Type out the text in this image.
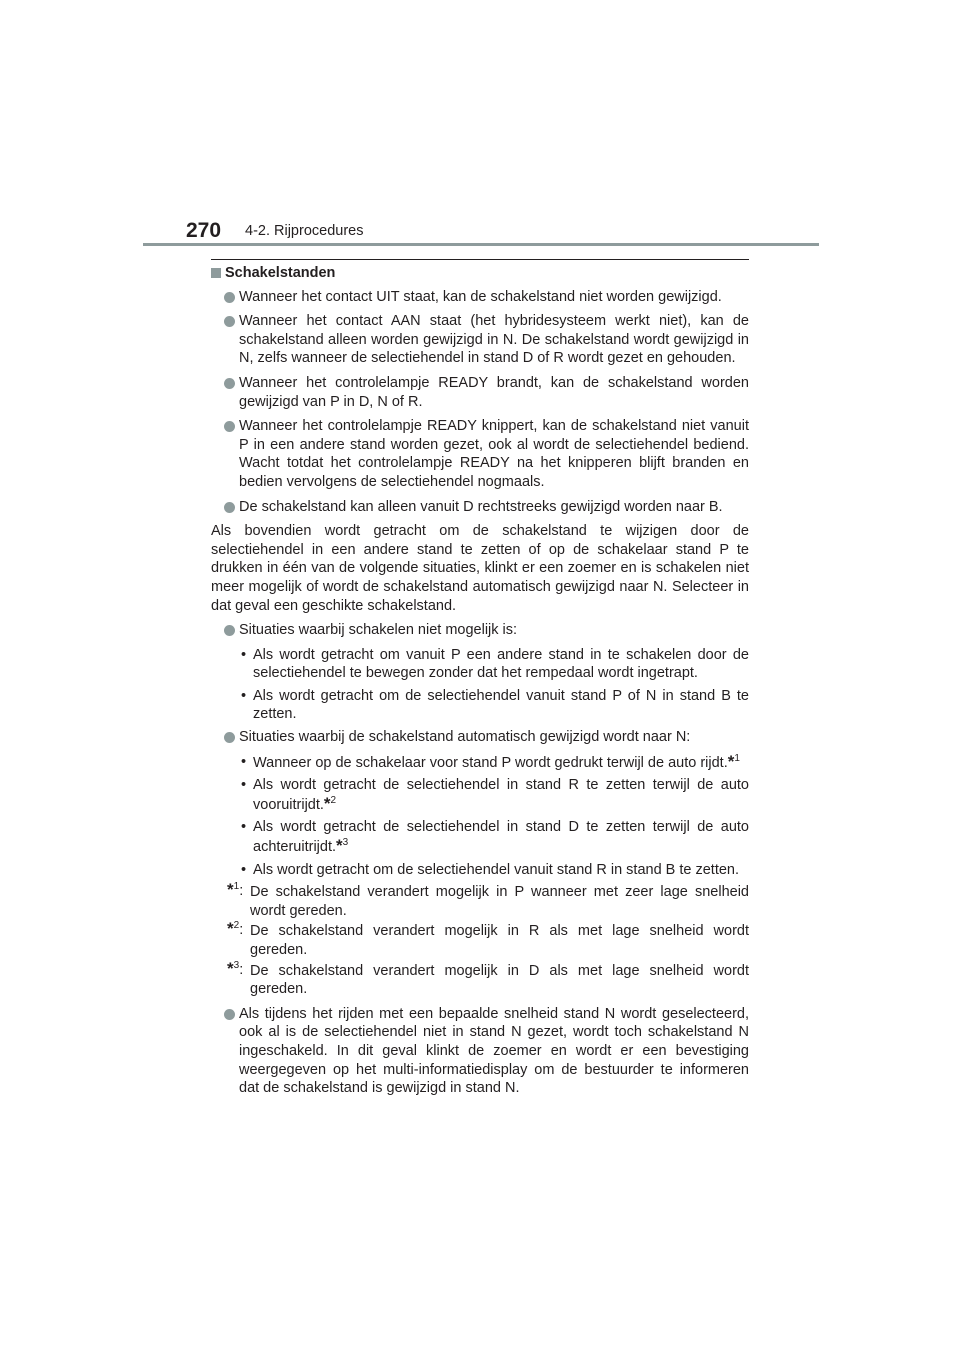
270 4-2. Rijprocedures
Schakelstanden
Wanneer het contact UIT staat, kan de schakelstand niet worden gewijzigd.
Wanneer het contact AAN staat (het hybridesysteem werkt niet), kan de schakelstand alleen worden gewijzigd in N. De schakelstand wordt gewijzigd in N, zelfs wanneer de selectiehendel in stand D of R wordt gezet en gehouden.
Wanneer het controlelampje READY brandt, kan de schakelstand worden gewijzigd van P in D, N of R.
Wanneer het controlelampje READY knippert, kan de schakelstand niet vanuit P in een andere stand worden gezet, ook al wordt de selectiehendel bediend. Wacht totdat het controlelampje READY na het knipperen blijft branden en bedien vervolgens de selectiehendel nogmaals.
De schakelstand kan alleen vanuit D rechtstreeks gewijzigd worden naar B.

Als bovendien wordt getracht om de schakelstand te wijzigen door de selectiehendel in een andere stand te zetten of op de schakelaar stand P te drukken in één van de volgende situaties, klinkt er een zoemer en is schakelen niet meer mogelijk of wordt de schakelstand automatisch gewijzigd naar N. Selecteer in dat geval een geschikte schakelstand.

Situaties waarbij schakelen niet mogelijk is:
• Als wordt getracht om vanuit P een andere stand in te schakelen door de selectiehendel te bewegen zonder dat het rempedaal wordt ingetrapt.
• Als wordt getracht om de selectiehendel vanuit stand P of N in stand B te zetten.
Situaties waarbij de schakelstand automatisch gewijzigd wordt naar N:
• Wanneer op de schakelaar voor stand P wordt gedrukt terwijl de auto rijdt.*$^1$
• Als wordt getracht de selectiehendel in stand R te zetten terwijl de auto vooruitrijdt.*$^2$
• Als wordt getracht de selectiehendel in stand D te zetten terwijl de auto achteruitrijdt.*$^3$
• Als wordt getracht om de selectiehendel vanuit stand R in stand B te zetten.
*$^1$: De schakelstand verandert mogelijk in P wanneer met zeer lage snelheid wordt gereden.
*$^2$: De schakelstand verandert mogelijk in R als met lage snelheid wordt gereden.
*$^3$: De schakelstand verandert mogelijk in D als met lage snelheid wordt gereden.
Als tijdens het rijden met een bepaalde snelheid stand N wordt geselecteerd, ook al is de selectiehendel niet in stand N gezet, wordt toch schakelstand N ingeschakeld. In dit geval klinkt de zoemer en wordt er een bevestiging weergegeven op het multi-informatiedisplay om de bestuurder te informeren dat de schakelstand is gewijzigd in stand N.
